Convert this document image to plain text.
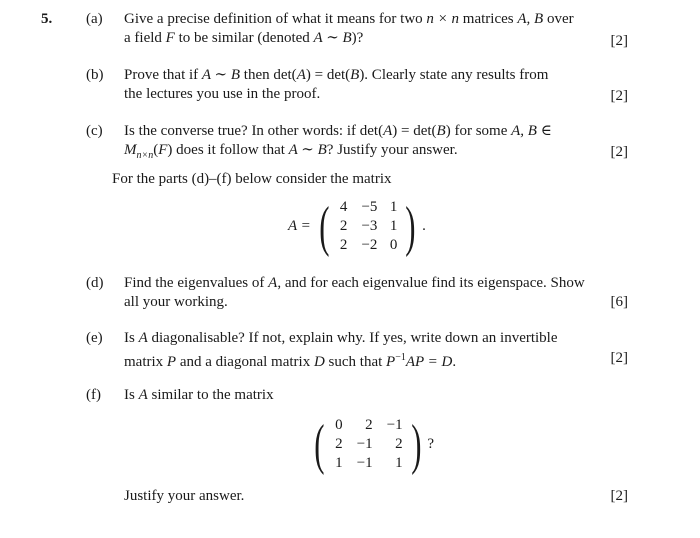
5. (a) Give a precise definition of what it means for two n × n matrices A, B over
a field F to be similar (denoted A ∼ B)?	[2]
(b) Prove that if A ∼ B then det(A) = det(B). Clearly state any results from
the lectures you use in the proof.	[2]
(c) Is the converse true? In other words: if det(A) = det(B) for some A, B ∈
$M_{n\times n}(F)$ does it follow that A ∼ B? Justify your answer.	[2]
For the parts (d)–(f) below consider the matrix
A = ( 4 −5 1
2 −3 1
2 −2 0 ) .
(d) Find the eigenvalues of A, and for each eigenvalue find its eigenspace. Show
all your working.	[6]
(e) Is A diagonalisable? If not, explain why. If yes, write down an invertible
matrix P and a diagonal matrix D such that $P^{-1}AP = D$.	[2]
(f) Is A similar to the matrix
( 0	2 −1
2 −1	2
1 −1	1 ) ?
Justify your answer.	[2]
